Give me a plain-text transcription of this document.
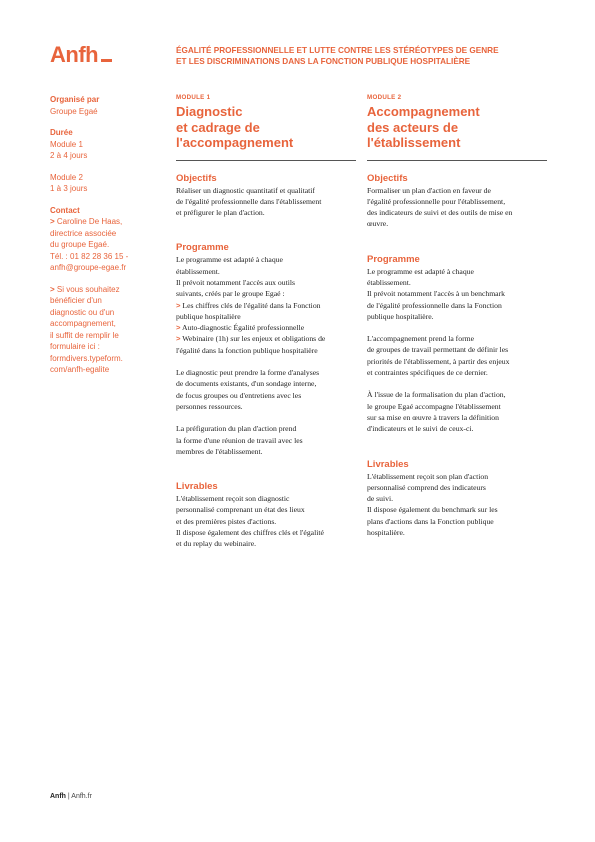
Anfh	ÉGALITÉ PROFESSIONNELLE ET LUTTE CONTRE LES STÉRÉOTYPES DE GENRE
ET LES DISCRIMINATIONS DANS LA FONCTION PUBLIQUE HOSPITALIÈRE
Organisé par
Groupe Egaé
Durée
Module 1
2 à 4 jours
Module 2
1 à 3 jours
Contact
> Caroline De Haas,
directrice associée
du groupe Egaé.
Tél. : 01 82 28 36 15 -
anfh@groupe-egae.fr
> Si vous souhaitez
bénéficier d'un
diagnostic ou d'un
accompagnement,
il suffit de remplir le
formulaire ici :
formdivers.typeform.
com/anfh-egalite
MODULE 1
Diagnostic
et cadrage de
l'accompagnement
Objectifs
Réaliser un diagnostic quantitatif et qualitatif
de l'égalité professionnelle dans l'établissement
et préfigurer le plan d'action.
Programme
Le programme est adapté à chaque
établissement.
Il prévoit notamment l'accès aux outils
suivants, créés par le groupe Egaé :
> Les chiffres clés de l'égalité dans la Fonction
publique hospitalière
> Auto-diagnostic Égalité professionnelle
> Webinaire (1h) sur les enjeux et obligations de
l'égalité dans la fonction publique hospitalière
Le diagnostic peut prendre la forme d'analyses
de documents existants, d'un sondage interne,
de focus groupes ou d'entretiens avec les
personnes ressources.
La préfiguration du plan d'action prend
la forme d'une réunion de travail avec les
membres de l'établissement.
Livrables
L'établissement reçoit son diagnostic
personnalisé comprenant un état des lieux
et des premières pistes d'actions.
Il dispose également des chiffres clés et l'égalité
et du replay du webinaire.
MODULE 2
Accompagnement
des acteurs de
l'établissement
Objectifs
Formaliser un plan d'action en faveur de
l'égalité professionnelle pour l'établissement,
des indicateurs de suivi et des outils de mise en
œuvre.
Programme
Le programme est adapté à chaque
établissement.
Il prévoit notamment l'accès à un benchmark
de l'égalité professionnelle dans la Fonction
publique hospitalière.
L'accompagnement prend la forme
de groupes de travail permettant de définir les
priorités de l'établissement, à partir des enjeux
et contraintes spécifiques de ce dernier.
À l'issue de la formalisation du plan d'action,
le groupe Egaé accompagne l'établissement
sur sa mise en œuvre à travers la définition
d'indicateurs et le suivi de ceux-ci.
Livrables
L'établissement reçoit son plan d'action
personnalisé comprend des indicateurs
de suivi.
Il dispose également du benchmark sur les
plans d'actions dans la Fonction publique
hospitalière.
Anfh | Anfh.fr
